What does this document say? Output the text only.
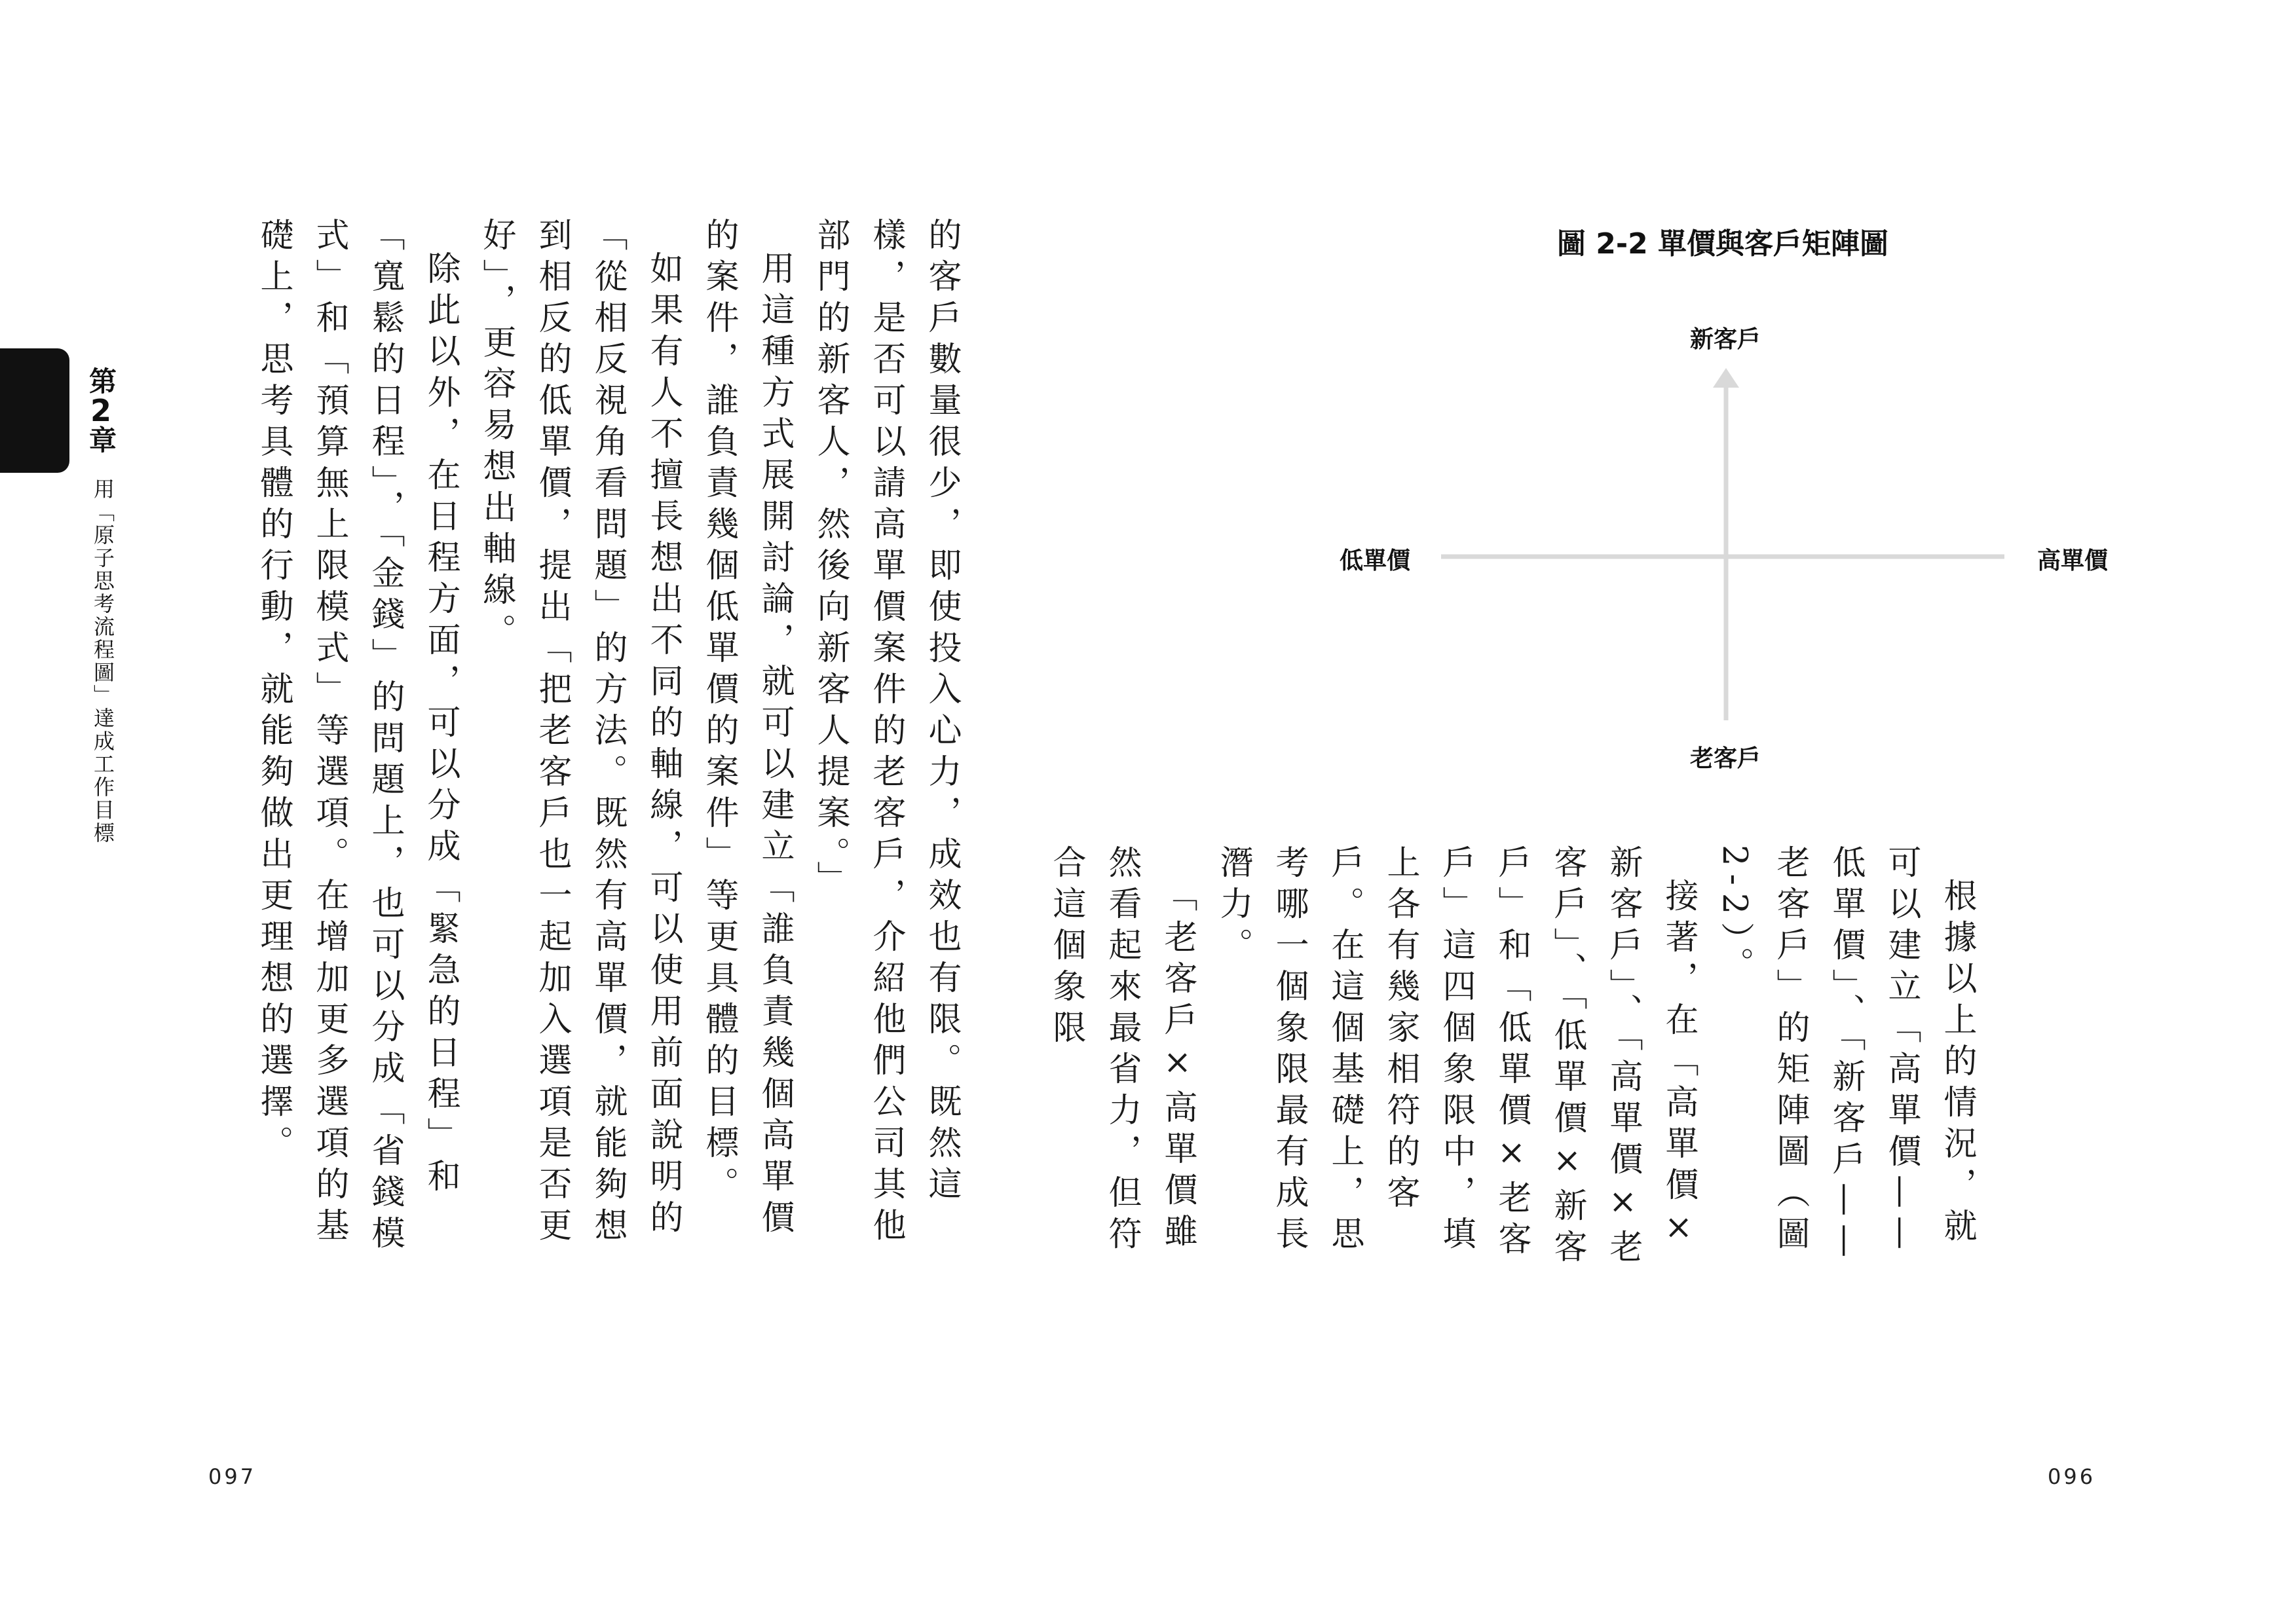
第2章
用「原子思考流程圖」達成工作目標	的客戶數量很少，即使投入心力，成效也有限。既然這樣，是否可以請高單價案件的老客戶，介紹他們公司其他部門的新客人，然後向新客人提案。」

用這種方式展開討論，就可以建立「誰負責幾個高單價的案件，誰負責幾個低單價的案件」等更具體的目標。

如果有人不擅長想出不同的軸線，可以使用前面說明的「從相反視角看問題」的方法。既然有高單價，就能夠想到相反的低單價，提出「把老客戶也一起加入選項是否更好」，更容易想出軸線。

除此以外，在日程方面，可以分成「緊急的日程」和「寬鬆的日程」，「金錢」的問題上，也可以分成「省錢模式」和「預算無上限模式」等選項。在增加更多選項的基礎上，思考具體的行動，就能夠做出更理想的選擇。	圖 2-2 單價與客戶矩陣圖
新客戶
老客戶
低單價	高單價

根據以上的情況，就可以建立「高單價——低單價」、「新客戶——老客戶」的矩陣圖（圖 2-2）。

接著，在「高單價×新客戶」、「高單價×老客戶」、「低單價×新客戶」和「低單價×老客戶」這四個象限中，填上各有幾家相符的客戶。在這個基礎上，思考哪一個象限最有成長潛力。

「老客戶×高單價雖然看起來最省力，但符合這個象限

097	096
